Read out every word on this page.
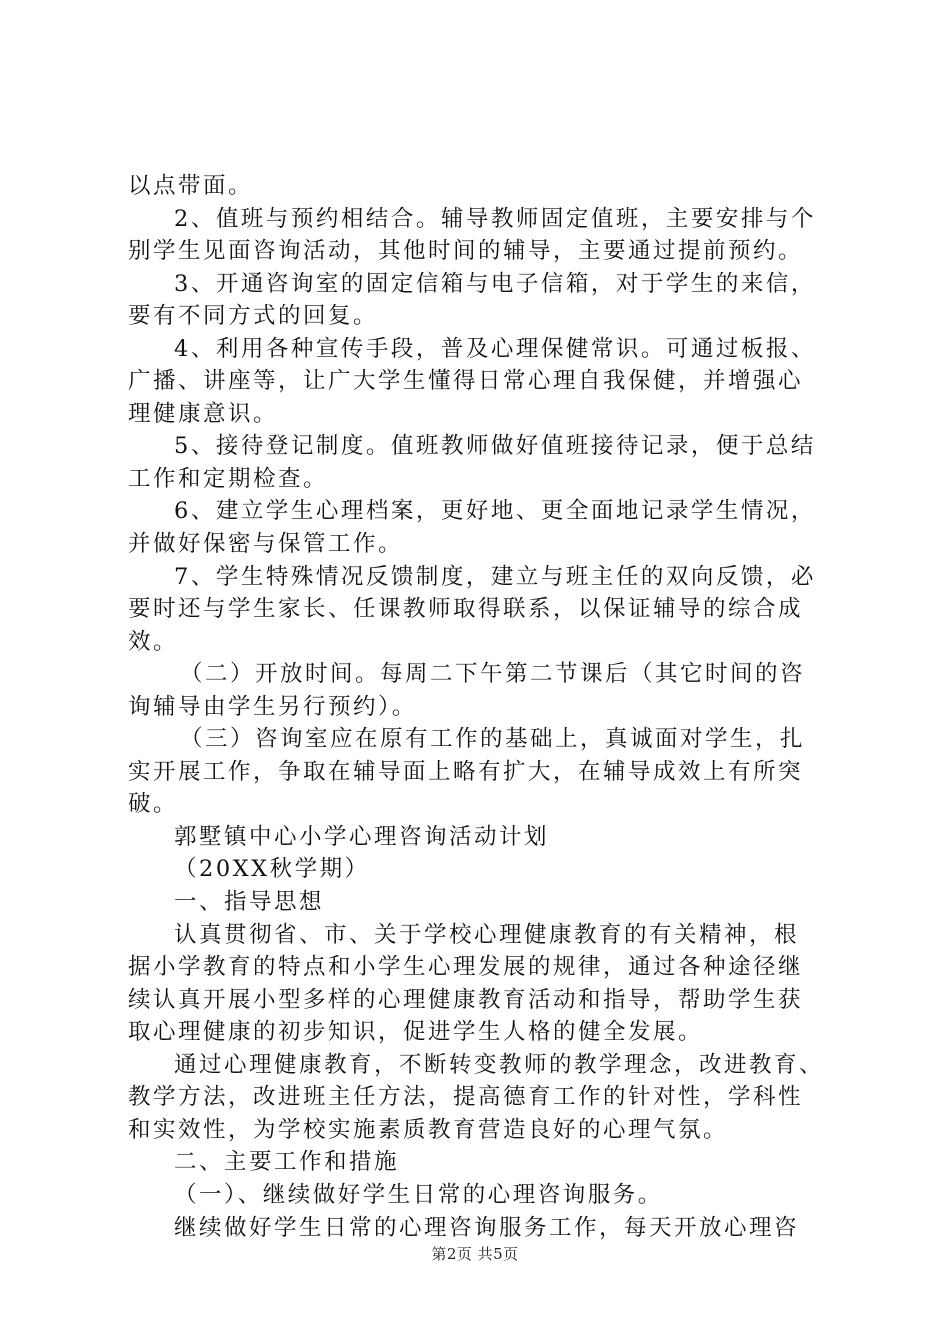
以点带面。
2、值班与预约相结合。辅导教师固定值班，主要安排与个
别学生见面咨询活动，其他时间的辅导，主要通过提前预约。
3、开通咨询室的固定信箱与电子信箱，对于学生的来信，
要有不同方式的回复。
4、利用各种宣传手段，普及心理保健常识。可通过板报、
广播、讲座等，让广大学生懂得日常心理自我保健，并增强心
理健康意识。
5、接待登记制度。值班教师做好值班接待记录，便于总结
工作和定期检查。
6、建立学生心理档案，更好地、更全面地记录学生情况，
并做好保密与保管工作。
7、学生特殊情况反馈制度，建立与班主任的双向反馈，必
要时还与学生家长、任课教师取得联系，以保证辅导的综合成
效。
（二）开放时间。每周二下午第二节课后（其它时间的咨
询辅导由学生另行预约）。
（三）咨询室应在原有工作的基础上，真诚面对学生，扎
实开展工作，争取在辅导面上略有扩大，在辅导成效上有所突
破。
郭墅镇中心小学心理咨询活动计划
（20XX秋学期）
一、指导思想
认真贯彻省、市、关于学校心理健康教育的有关精神，根
据小学教育的特点和小学生心理发展的规律，通过各种途径继
续认真开展小型多样的心理健康教育活动和指导，帮助学生获
取心理健康的初步知识，促进学生人格的健全发展。
通过心理健康教育，不断转变教师的教学理念，改进教育、
教学方法，改进班主任方法，提高德育工作的针对性，学科性
和实效性，为学校实施素质教育营造良好的心理气氛。
二、主要工作和措施
（一）、继续做好学生日常的心理咨询服务。
继续做好学生日常的心理咨询服务工作，每天开放心理咨
第2页 共5页
